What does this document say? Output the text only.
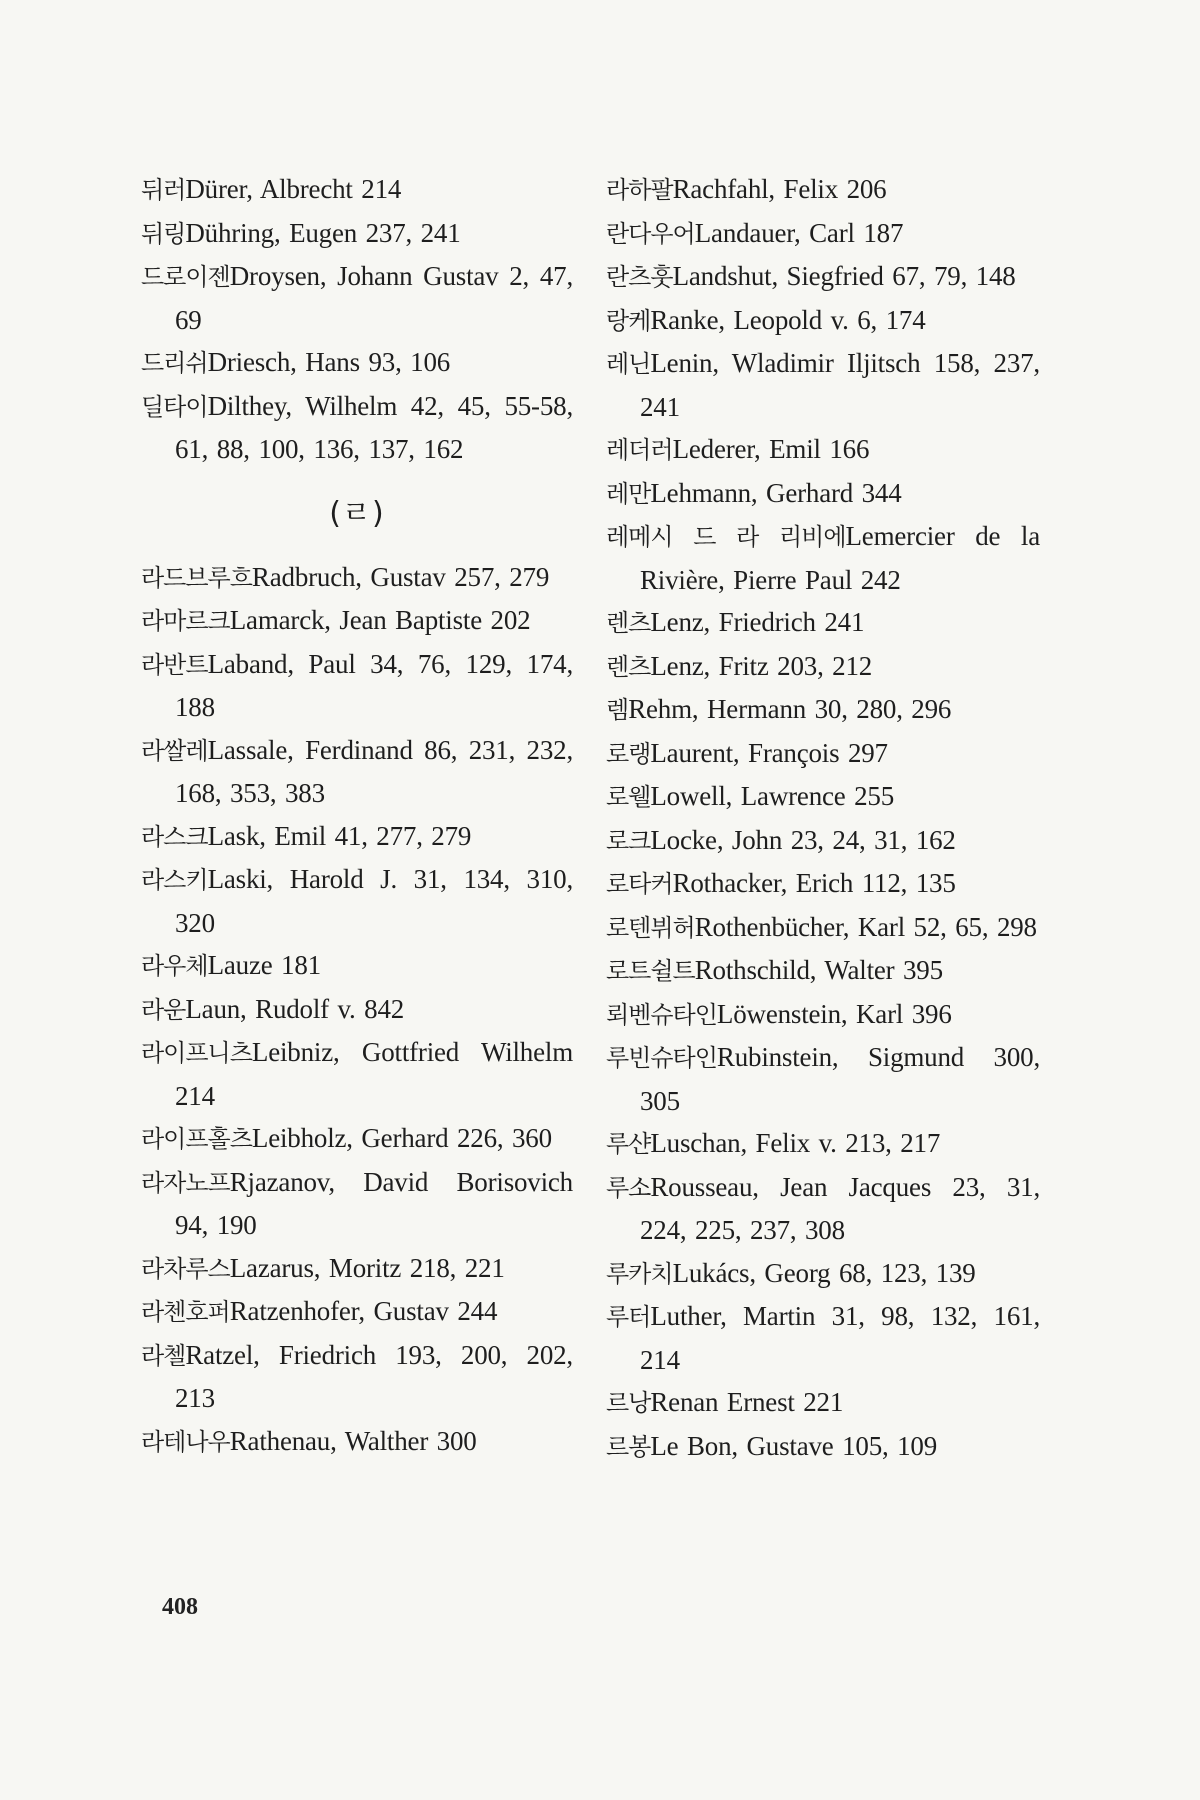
뒤러Dürer, Albrecht 214
뒤링Dühring, Eugen 237, 241
드로이젠Droysen, Johann Gustav 2, 47, 69
드리쉬Driesch, Hans 93, 106
딜타이Dilthey, Wilhelm 42, 45, 55-58, 61, 88, 100, 136, 137, 162
(ㄹ)
라드브루흐Radbruch, Gustav 257, 279
라마르크Lamarck, Jean Baptiste 202
라반트Laband, Paul 34, 76, 129, 174, 188
라쌀레Lassale, Ferdinand 86, 231, 232, 168, 353, 383
라스크Lask, Emil 41, 277, 279
라스키Laski, Harold J. 31, 134, 310, 320
라우체Lauze 181
라운Laun, Rudolf v. 842
라이프니츠Leibniz, Gottfried Wilhelm 214
라이프홀츠Leibholz, Gerhard 226, 360
라자노프Rjazanov, David Borisovich 94, 190
라차루스Lazarus, Moritz 218, 221
라첸호퍼Ratzenhofer, Gustav 244
라첼Ratzel, Friedrich 193, 200, 202, 213
라테나우Rathenau, Walther 300
라하팔Rachfahl, Felix 206
란다우어Landauer, Carl 187
란츠훗Landshut, Siegfried 67, 79, 148
랑케Ranke, Leopold v. 6, 174
레닌Lenin, Wladimir Iljitsch 158, 237, 241
레더러Lederer, Emil 166
레만Lehmann, Gerhard 344
레메시 드 라 리비에Lemercier de la Rivière, Pierre Paul 242
렌츠Lenz, Friedrich 241
렌츠Lenz, Fritz 203, 212
렘Rehm, Hermann 30, 280, 296
로랭Laurent, François 297
로웰Lowell, Lawrence 255
로크Locke, John 23, 24, 31, 162
로타커Rothacker, Erich 112, 135
로텐뷔허Rothenbücher, Karl 52, 65, 298
로트쉴트Rothschild, Walter 395
뢰벤슈타인Löwenstein, Karl 396
루빈슈타인Rubinstein, Sigmund 300, 305
루샨Luschan, Felix v. 213, 217
루소Rousseau, Jean Jacques 23, 31, 224, 225, 237, 308
루카치Lukács, Georg 68, 123, 139
루터Luther, Martin 31, 98, 132, 161, 214
르낭Renan Ernest 221
르봉Le Bon, Gustave 105, 109
408
